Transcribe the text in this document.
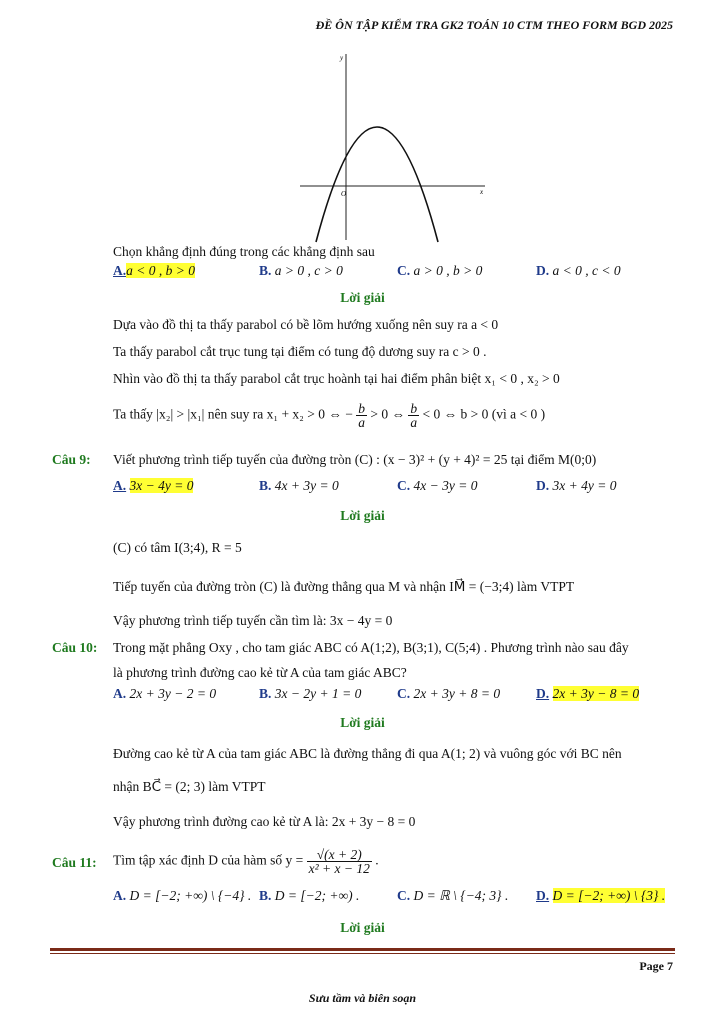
ĐỀ ÔN TẬP KIỂM TRA GK2 TOÁN 10 CTM THEO FORM BGD 2025
y
x
O
Chọn khẳng định đúng trong các khẳng định sau
A.a < 0 , b > 0	B. a > 0 , c > 0	C. a > 0 , b > 0	D. a < 0 , c < 0
Lời giải
Dựa vào đồ thị ta thấy parabol có bề lõm hướng xuống nên suy ra a < 0
Ta thấy parabol cắt trục tung tại điểm có tung độ dương suy ra c > 0 .
Nhìn vào đồ thị ta thấy parabol cắt trục hoành tại hai điểm phân biệt x₁ < 0 , x₂ > 0
Ta thấy |x₂| > |x₁| nên suy ra x₁ + x₂ > 0 ⇔ − $\frac{b}{a} > 0$ ⇔ $\frac{b}{a} < 0$ ⇔ b > 0 (vì a < 0 )
Câu 9: Viết phương trình tiếp tuyến của đường tròn (C) : (x − 3)² + (y + 4)² = 25 tại điểm M(0;0)
A. 3x − 4y = 0	B. 4x + 3y = 0	C. 4x − 3y = 0	D. 3x + 4y = 0
Lời giải
(C) có tâm I(3;4), R = 5
Tiếp tuyến của đường tròn (C) là đường thẳng qua M và nhận IM⃗ = (−3;4) làm VTPT
Vậy phương trình tiếp tuyến cần tìm là: 3x − 4y = 0
Câu 10: Trong mặt phẳng Oxy , cho tam giác ABC có A(1;2), B(3;1), C(5;4) . Phương trình nào sau đây
là phương trình đường cao kẻ từ A của tam giác ABC?
A. 2x + 3y − 2 = 0	B. 3x − 2y + 1 = 0	C. 2x + 3y + 8 = 0	D. 2x + 3y − 8 = 0
Lời giải
Đường cao kẻ từ A của tam giác ABC là đường thẳng đi qua A(1; 2) và vuông góc với BC nên
nhận BC⃗ = (2; 3) làm VTPT
Vậy phương trình đường cao kẻ từ A là: 2x + 3y − 8 = 0
Câu 11: Tìm tập xác định D của hàm số $y = \frac{√(x + 2)}{\text{x² + x − 12}}$ .
A. D = [−2; +∞) \ {−4} . B. D = [−2; +∞) .	C. D = ℝ \ {−4; 3} . D. D = [−2; +∞) \ {3} .
Lời giải
Page 7
Sưu tầm và biên soạn
